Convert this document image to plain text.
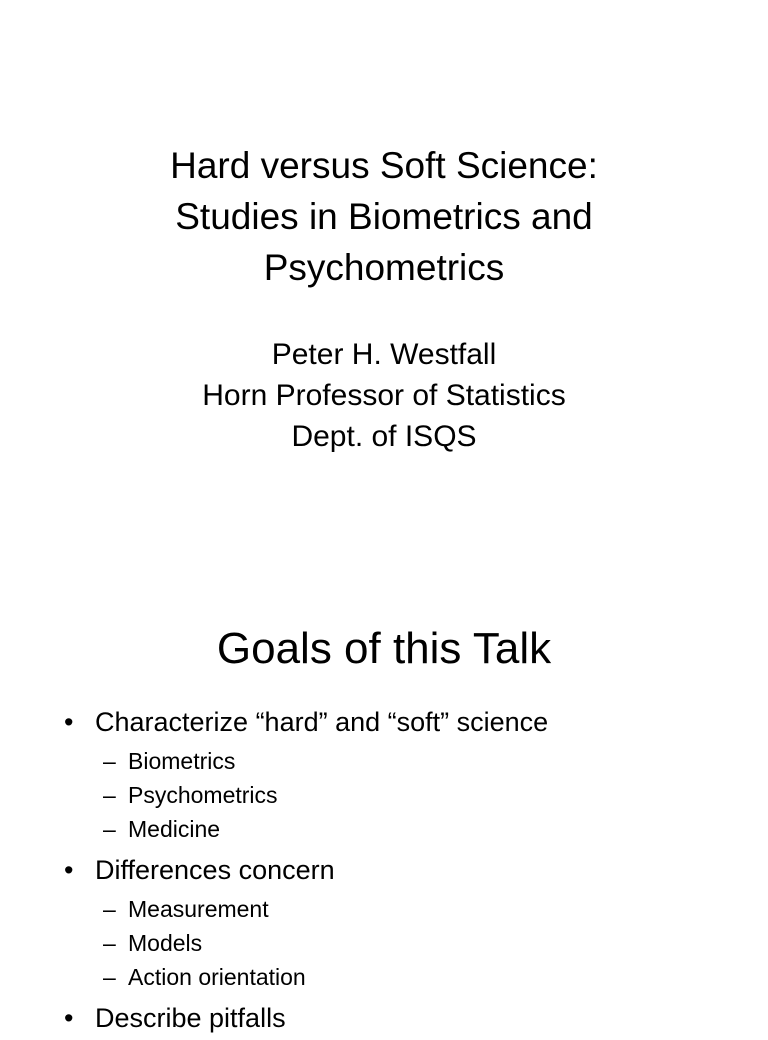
Hard versus Soft Science:
Studies in Biometrics and
Psychometrics
Peter H. Westfall
Horn Professor of Statistics
Dept. of ISQS
Goals of this Talk
• Characterize “hard” and “soft” science
– Biometrics
– Psychometrics
– Medicine
• Differences concern
– Measurement
– Models
– Action orientation
• Describe pitfalls
